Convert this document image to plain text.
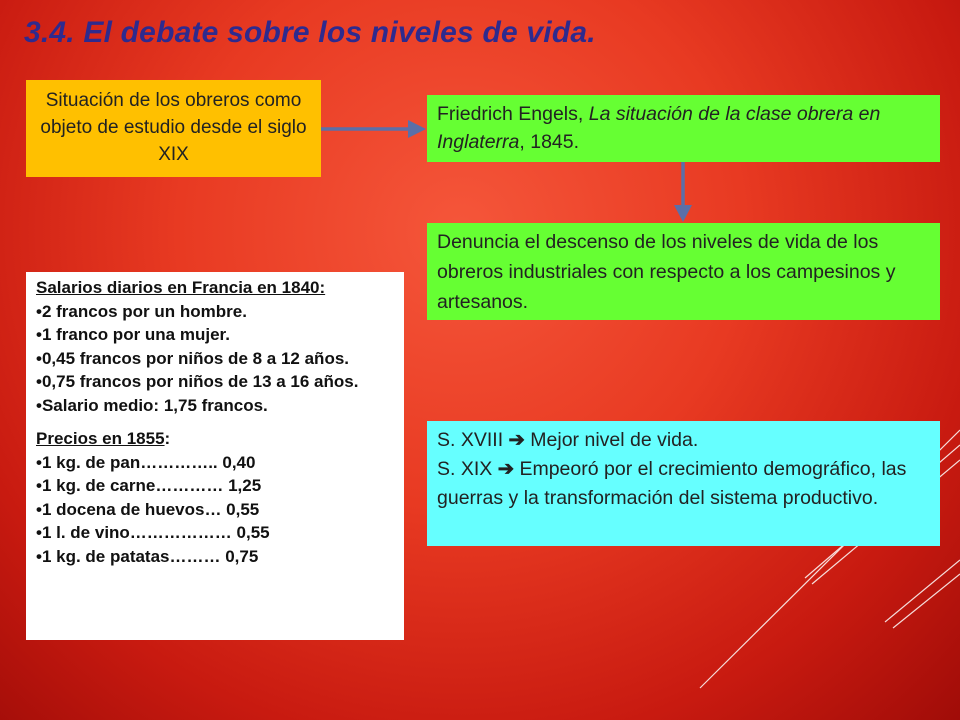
3.4. El debate sobre los niveles de vida.
Situación de los obreros como objeto de estudio desde el siglo XIX
Friedrich Engels, La situación de la clase obrera en Inglaterra, 1845.
Denuncia el descenso de los niveles de vida de los obreros industriales con respecto a los campesinos y artesanos.
S. XVIII ➔ Mejor nivel de vida.
S. XIX ➔ Empeoró por el crecimiento demográfico, las guerras y la transformación del sistema productivo.
Salarios diarios en Francia en 1840:
•2 francos por un hombre.
•1 franco por una mujer.
•0,45 francos por niños de 8 a 12 años.
•0,75 francos por niños de 13 a 16 años.
•Salario medio: 1,75 francos.
Precios en 1855:
•1 kg. de pan………….. 0,40
•1 kg. de carne………… 1,25
•1 docena de huevos… 0,55
•1 l. de vino……………… 0,55
•1 kg. de patatas……… 0,75
